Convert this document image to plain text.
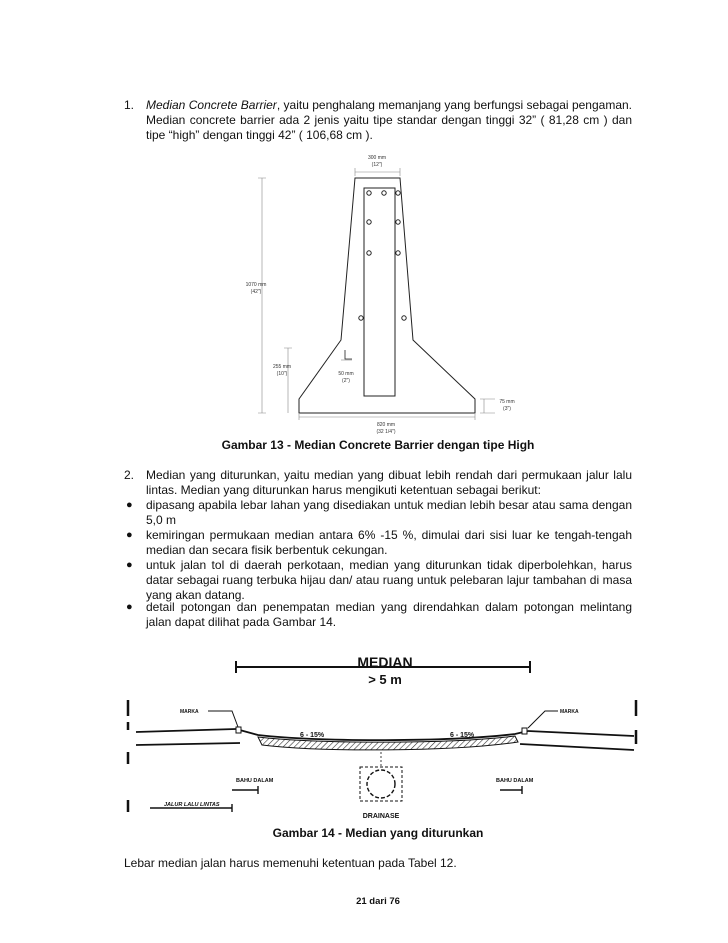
1. Median Concrete Barrier, yaitu penghalang memanjang yang berfungsi sebagai pengaman. Median concrete barrier ada 2 jenis yaitu tipe standar dengan tinggi 32” ( 81,28 cm ) dan tipe “high” dengan tinggi 42” ( 106,68 cm ).
300 mm
(12")
1070 mm
(42")
255 mm
(10")	50 mm
(2")
75 mm
(3")
820 mm
(32 1/4")
Gambar 13 - Median Concrete Barrier dengan tipe High
2. Median yang diturunkan, yaitu median yang dibuat lebih rendah dari permukaan jalur lalu lintas. Median yang diturunkan harus mengikuti ketentuan sebagai berikut:
● dipasang apabila lebar lahan yang disediakan untuk median lebih besar atau sama dengan 5,0 m
● kemiringan permukaan median antara 6% -15 %, dimulai dari sisi luar ke tengah-tengah median dan secara fisik berbentuk cekungan.
● untuk jalan tol di daerah perkotaan, median yang diturunkan tidak diperbolehkan, harus datar sebagai ruang terbuka hijau dan/ atau ruang untuk pelebaran lajur tambahan di masa yang akan datang.
● detail potongan dan penempatan median yang direndahkan dalam potongan melintang jalan dapat dilihat pada Gambar 14.
MEDIAN
> 5 m
6 - 15%	6 - 15%
MARKA	MARKA
DRAINASE
BAHU DALAM	BAHU DALAM
JALUR LALU LINTAS
Gambar 14 - Median yang diturunkan
Lebar median jalan harus memenuhi ketentuan pada Tabel 12.
21 dari 76
